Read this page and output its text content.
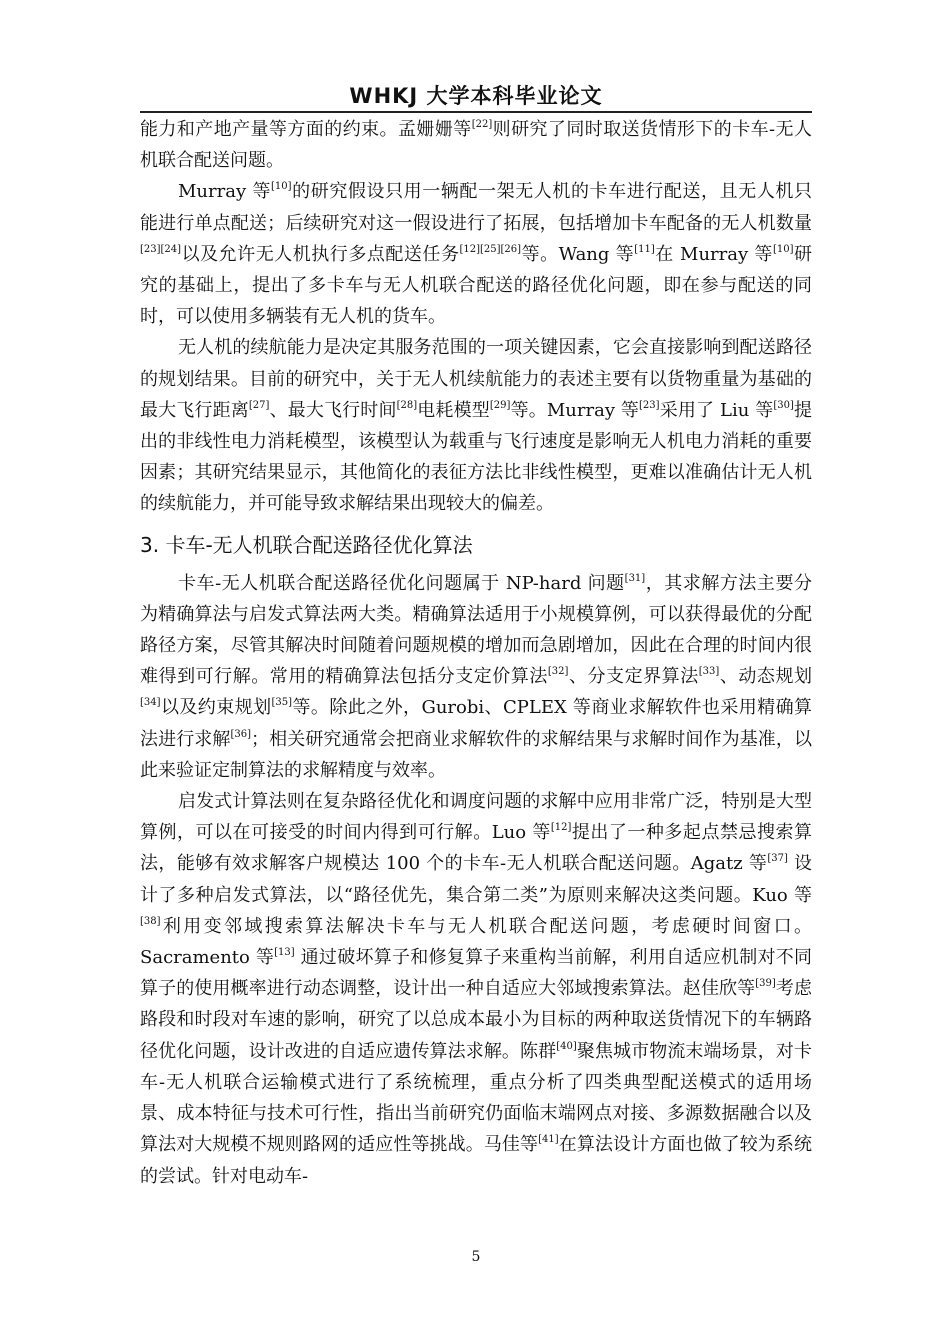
WHKJ 大学本科毕业论文

能力和产地产量等方面的约束。孟姗姗等[22]则研究了同时取送货情形下的卡车-无人机联合配送问题。

Murray 等[10]的研究假设只用一辆配一架无人机的卡车进行配送，且无人机只能进行单点配送；后续研究对这一假设进行了拓展，包括增加卡车配备的无人机数量[23][24]以及允许无人机执行多点配送任务[12][25][26]等。Wang 等[11]在 Murray 等[10]研究的基础上，提出了多卡车与无人机联合配送的路径优化问题，即在参与配送的同时，可以使用多辆装有无人机的货车。

无人机的续航能力是决定其服务范围的一项关键因素，它会直接影响到配送路径的规划结果。目前的研究中，关于无人机续航能力的表述主要有以货物重量为基础的最大飞行距离[27]、最大飞行时间[28]电耗模型[29]等。Murray 等[23]采用了 Liu 等[30]提出的非线性电力消耗模型，该模型认为载重与飞行速度是影响无人机电力消耗的重要因素；其研究结果显示，其他简化的表征方法比非线性模型，更难以准确估计无人机的续航能力，并可能导致求解结果出现较大的偏差。

3. 卡车-无人机联合配送路径优化算法

卡车-无人机联合配送路径优化问题属于 NP-hard 问题[31]，其求解方法主要分为精确算法与启发式算法两大类。精确算法适用于小规模算例，可以获得最优的分配路径方案，尽管其解决时间随着问题规模的增加而急剧增加，因此在合理的时间内很难得到可行解。常用的精确算法包括分支定价算法[32]、分支定界算法[33]、动态规划[34]以及约束规划[35]等。除此之外，Gurobi、CPLEX 等商业求解软件也采用精确算法进行求解[36]；相关研究通常会把商业求解软件的求解结果与求解时间作为基准，以此来验证定制算法的求解精度与效率。

启发式计算法则在复杂路径优化和调度问题的求解中应用非常广泛，特别是大型算例，可以在可接受的时间内得到可行解。Luo 等[12]提出了一种多起点禁忌搜索算法，能够有效求解客户规模达 100 个的卡车-无人机联合配送问题。Agatz 等[37] 设计了多种启发式算法，以“路径优先，集合第二类”为原则来解决这类问题。Kuo 等[38]利用变邻域搜索算法解决卡车与无人机联合配送问题，考虑硬时间窗口。Sacramento 等[13] 通过破坏算子和修复算子来重构当前解，利用自适应机制对不同算子的使用概率进行动态调整，设计出一种自适应大邻域搜索算法。赵佳欣等[39]考虑路段和时段对车速的影响，研究了以总成本最小为目标的两种取送货情况下的车辆路径优化问题，设计改进的自适应遗传算法求解。陈群[40]聚焦城市物流末端场景，对卡车-无人机联合运输模式进行了系统梳理，重点分析了四类典型配送模式的适用场景、成本特征与技术可行性，指出当前研究仍面临末端网点对接、多源数据融合以及算法对大规模不规则路网的适应性等挑战。马佳等[41]在算法设计方面也做了较为系统的尝试。针对电动车-

5
